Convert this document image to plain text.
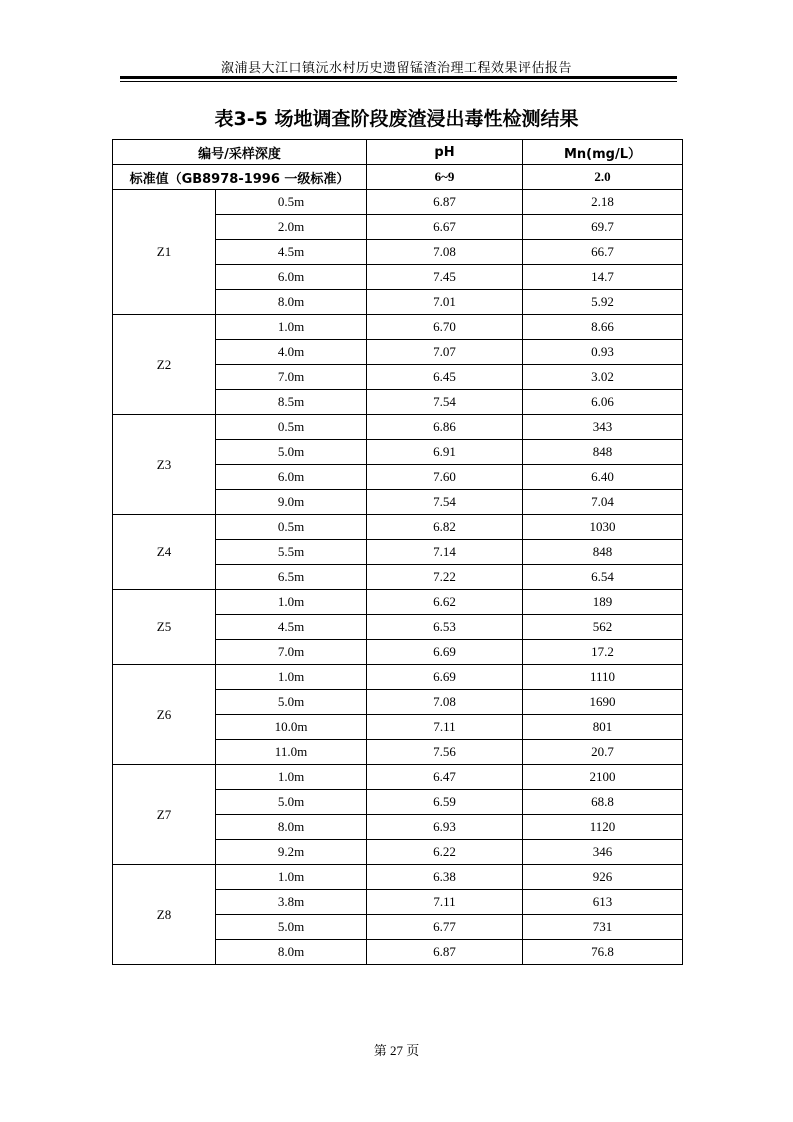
溆浦县大江口镇沅水村历史遗留锰渣治理工程效果评估报告
表3-5 场地调查阶段废渣浸出毒性检测结果
编号/采样深度		pH	Mn(mg/L）
标准值（GB8978-1996 一级标准）		6~9	2.0
Z1	0.5m	6.87	2.18
	2.0m	6.67	69.7
	4.5m	7.08	66.7
	6.0m	7.45	14.7
	8.0m	7.01	5.92
Z2	1.0m	6.70	8.66
	4.0m	7.07	0.93
	7.0m	6.45	3.02
	8.5m	7.54	6.06
Z3	0.5m	6.86	343
	5.0m	6.91	848
	6.0m	7.60	6.40
	9.0m	7.54	7.04
Z4	0.5m	6.82	1030
	5.5m	7.14	848
	6.5m	7.22	6.54
Z5	1.0m	6.62	189
	4.5m	6.53	562
	7.0m	6.69	17.2
Z6	1.0m	6.69	1110
	5.0m	7.08	1690
	10.0m	7.11	801
	11.0m	7.56	20.7
Z7	1.0m	6.47	2100
	5.0m	6.59	68.8
	8.0m	6.93	1120
	9.2m	6.22	346
Z8	1.0m	6.38	926
	3.8m	7.11	613
	5.0m	6.77	731
	8.0m	6.87	76.8
第 27 页
